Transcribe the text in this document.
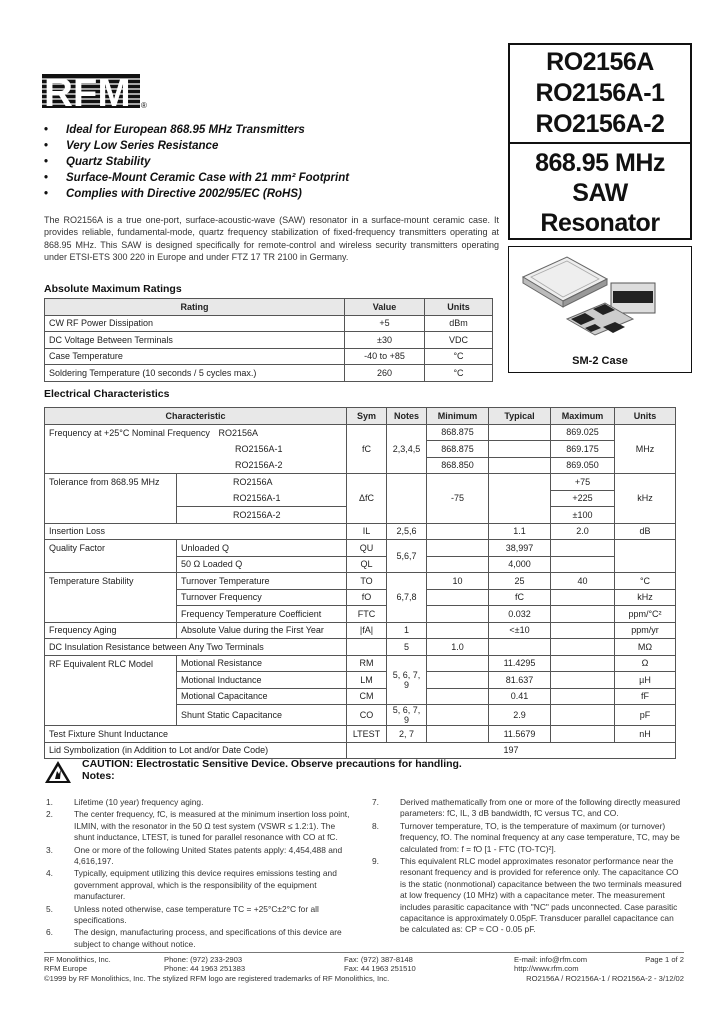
RFM ®
RO2156A
RO2156A-1
RO2156A-2
868.95 MHz
SAW
Resonator
• Ideal for European 868.95 MHz Transmitters
• Very Low Series Resistance
• Quartz Stability
• Surface-Mount Ceramic Case with 21 mm² Footprint
• Complies with Directive 2002/95/EC (RoHS)

The RO2156A is a true one-port, surface-acoustic-wave (SAW) resonator in a surface-mount ceramic case. It provides reliable, fundamental-mode, quartz frequency stabilization of fixed-frequency transmitters operating at 868.95 MHz. This SAW is designed specifically for remote-control and wireless security transmitters operating under ETSI-ETS 300 220 in Europe and under FTZ 17 TR 2100 in Germany.

SM-2 Case
Absolute Maximum Ratings
Rating	Value	Units
CW RF Power Dissipation	+5	dBm
DC Voltage Between Terminals	±30	VDC
Case Temperature	-40 to +85	°C
Soldering Temperature (10 seconds / 5 cycles max.)	260	°C
Electrical Characteristics
Characteristic		Sym	Notes	Minimum	Typical	Maximum	Units
Frequency at +25°C Nominal Frequency RO2156A		fC	2,3,4,5	868.875		869.025	MHz
RO2156A-1				868.875		869.175	
RO2156A-2				868.850		869.050	
Tolerance from 868.95 MHz	RO2156A	ΔfC		-75		+75	kHz
	RO2156A-1					+225	
	RO2156A-2					±100	
Insertion Loss		IL	2,5,6		1.1	2.0	dB
Quality Factor	Unloaded Q	QU	5,6,7		38,997		
	50 Ω Loaded Q	QL			4,000		
Temperature Stability	Turnover Temperature	TO	6,7,8	10	25	40	°C
	Turnover Frequency	fO			fC		kHz
	Frequency Temperature Coefficient	FTC			0.032		ppm/°C²
Frequency Aging	Absolute Value during the First Year	|fA|	1		<±10		ppm/yr
DC Insulation Resistance between Any Two Terminals			5	1.0			MΩ
RF Equivalent RLC Model	Motional Resistance	RM	5, 6, 7, 9		11.4295		Ω
	Motional Inductance	LM			81.637		µH
	Motional Capacitance	CM			0.41		fF
	Shunt Static Capacitance	CO	5, 6, 7, 9		2.9		pF
Test Fixture Shunt Inductance		LTEST	2, 7		11.5679		nH
Lid Symbolization (in Addition to Lot and/or Date Code)		197					
CAUTION: Electrostatic Sensitive Device. Observe precautions for handling.
Notes:
1.	Lifetime (10 year) frequency aging.
2.	The center frequency, fC, is measured at the minimum insertion loss point, ILMIN, with the resonator in the 50 Ω test system (VSWR ≤ 1.2:1). The shunt inductance, LTEST, is tuned for parallel resonance with CO at fC.
3.	One or more of the following United States patents apply: 4,454,488 and 4,616,197.
4.	Typically, equipment utilizing this device requires emissions testing and government approval, which is the responsibility of the equipment manufacturer.
5.	Unless noted otherwise, case temperature TC = +25°C±2°C for all specifications.
6.	The design, manufacturing process, and specifications of this device are subject to change without notice.
7.	Derived mathematically from one or more of the following directly measured parameters: fC, IL, 3 dB bandwidth, fC versus TC, and CO.
8.	Turnover temperature, TO, is the temperature of maximum (or turnover) frequency, fO. The nominal frequency at any case temperature, TC, may be calculated from: f = fO [1 - FTC (TO-TC)²].
9.	This equivalent RLC model approximates resonator performance near the resonant frequency and is provided for reference only. The capacitance CO is the static (nonmotional) capacitance between the two terminals measured at low frequency (10 MHz) with a capacitance meter. The measurement includes parasitic capacitance with "NC" pads unconnected. Case parasitic capacitance is approximately 0.05pF. Transducer parallel capacitance can be calculated as: CP ≈ CO - 0.05 pF.
RF Monolithics, Inc.	Phone: (972) 233-2903	Fax: (972) 387-8148	E-mail: info@rfm.com	Page 1 of 2
RFM Europe	Phone: 44 1963 251383	Fax: 44 1963 251510	http://www.rfm.com
©1999 by RF Monolithics, Inc. The stylized RFM logo are registered trademarks of RF Monolithics, Inc.	RO2156A / RO2156A-1 / RO2156A-2 - 3/12/02
